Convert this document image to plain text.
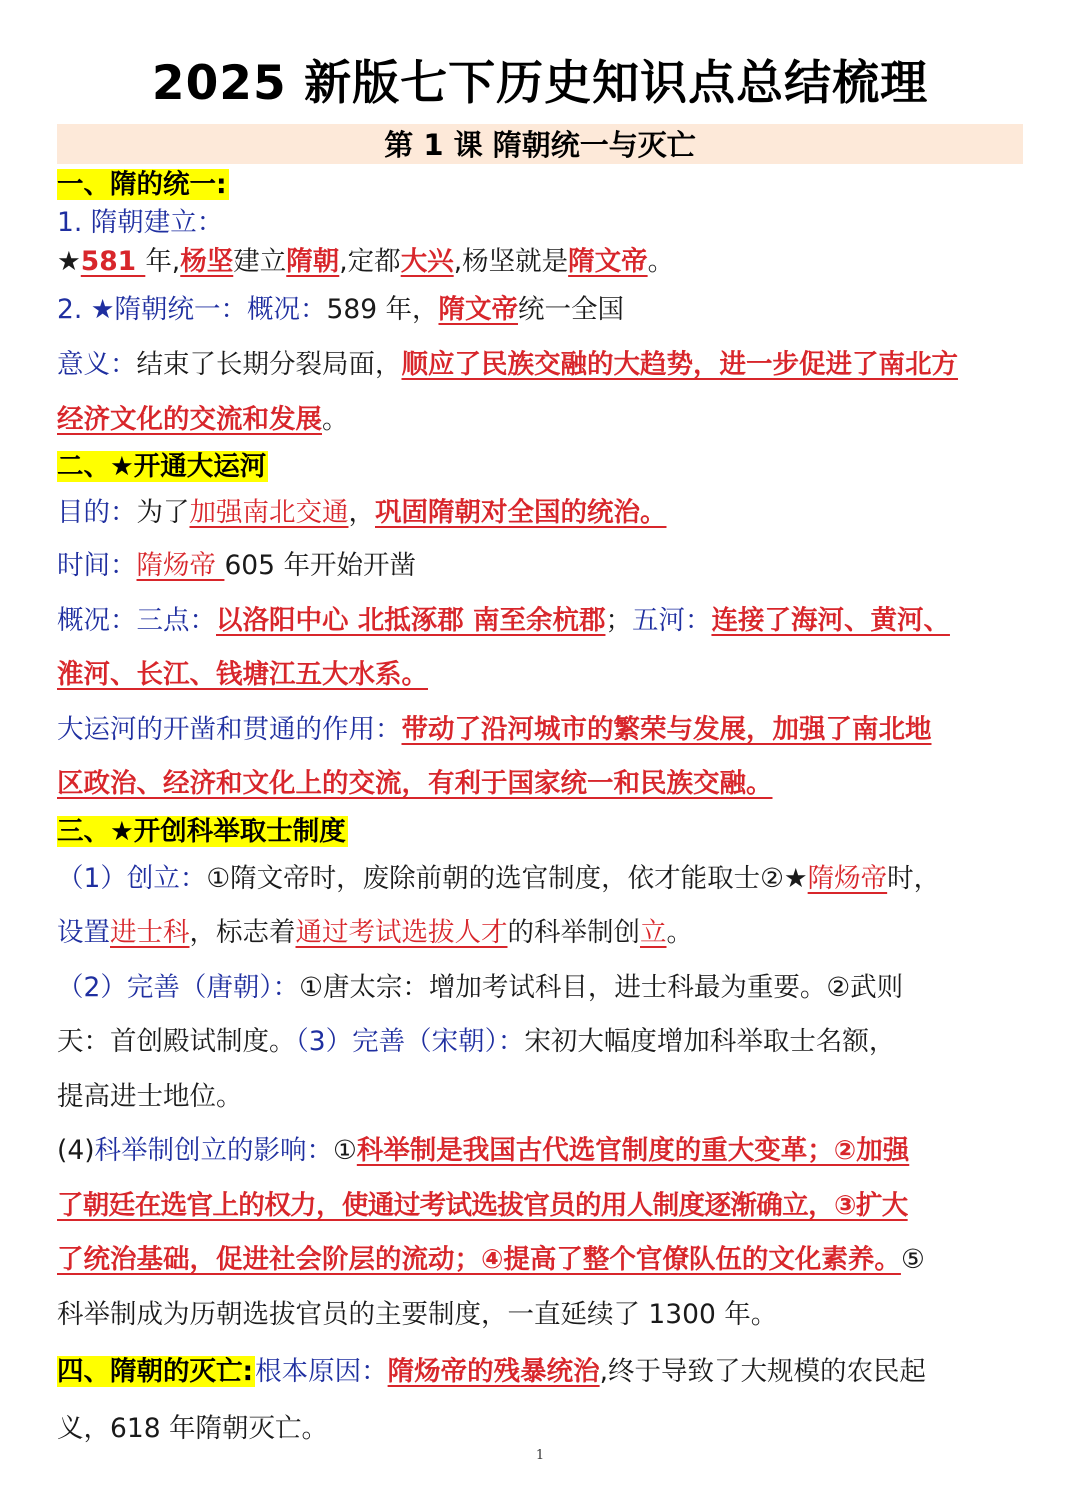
2025 新版七下历史知识点总结梳理
第 1 课 隋朝统一与灭亡
一、隋的统一:
1. 隋朝建立：
★581 年,杨坚建立隋朝,定都大兴,杨坚就是隋文帝。
2. ★隋朝统一：概况：589 年，隋文帝统一全国
意义：结束了长期分裂局面，顺应了民族交融的大趋势，进一步促进了南北方
经济文化的交流和发展。
二、★开通大运河
目的：为了加强南北交通，巩固隋朝对全国的统治。
时间：隋炀帝 605 年开始开凿
概况：三点：以洛阳中心 北抵涿郡 南至余杭郡；五河：连接了海河、黄河、
淮河、长江、钱塘江五大水系。
大运河的开凿和贯通的作用：带动了沿河城市的繁荣与发展，加强了南北地
区政治、经济和文化上的交流，有利于国家统一和民族交融。
三、★开创科举取士制度
（1）创立：①隋文帝时，废除前朝的选官制度，依才能取士②★隋炀帝时，
设置进士科，标志着通过考试选拔人才的科举制创立。
（2）完善（唐朝）：①唐太宗：增加考试科目，进士科最为重要。②武则
天：首创殿试制度。（3）完善（宋朝）：宋初大幅度增加科举取士名额，
提高进士地位。
(4)科举制创立的影响：①科举制是我国古代选官制度的重大变革；②加强
了朝廷在选官上的权力，使通过考试选拔官员的用人制度逐渐确立，③扩大
了统治基础，促进社会阶层的流动；④提高了整个官僚队伍的文化素养。⑤
科举制成为历朝选拔官员的主要制度，一直延续了 1300 年。
四、隋朝的灭亡:根本原因：隋炀帝的残暴统治,终于导致了大规模的农民起
义，618 年隋朝灭亡。
1
